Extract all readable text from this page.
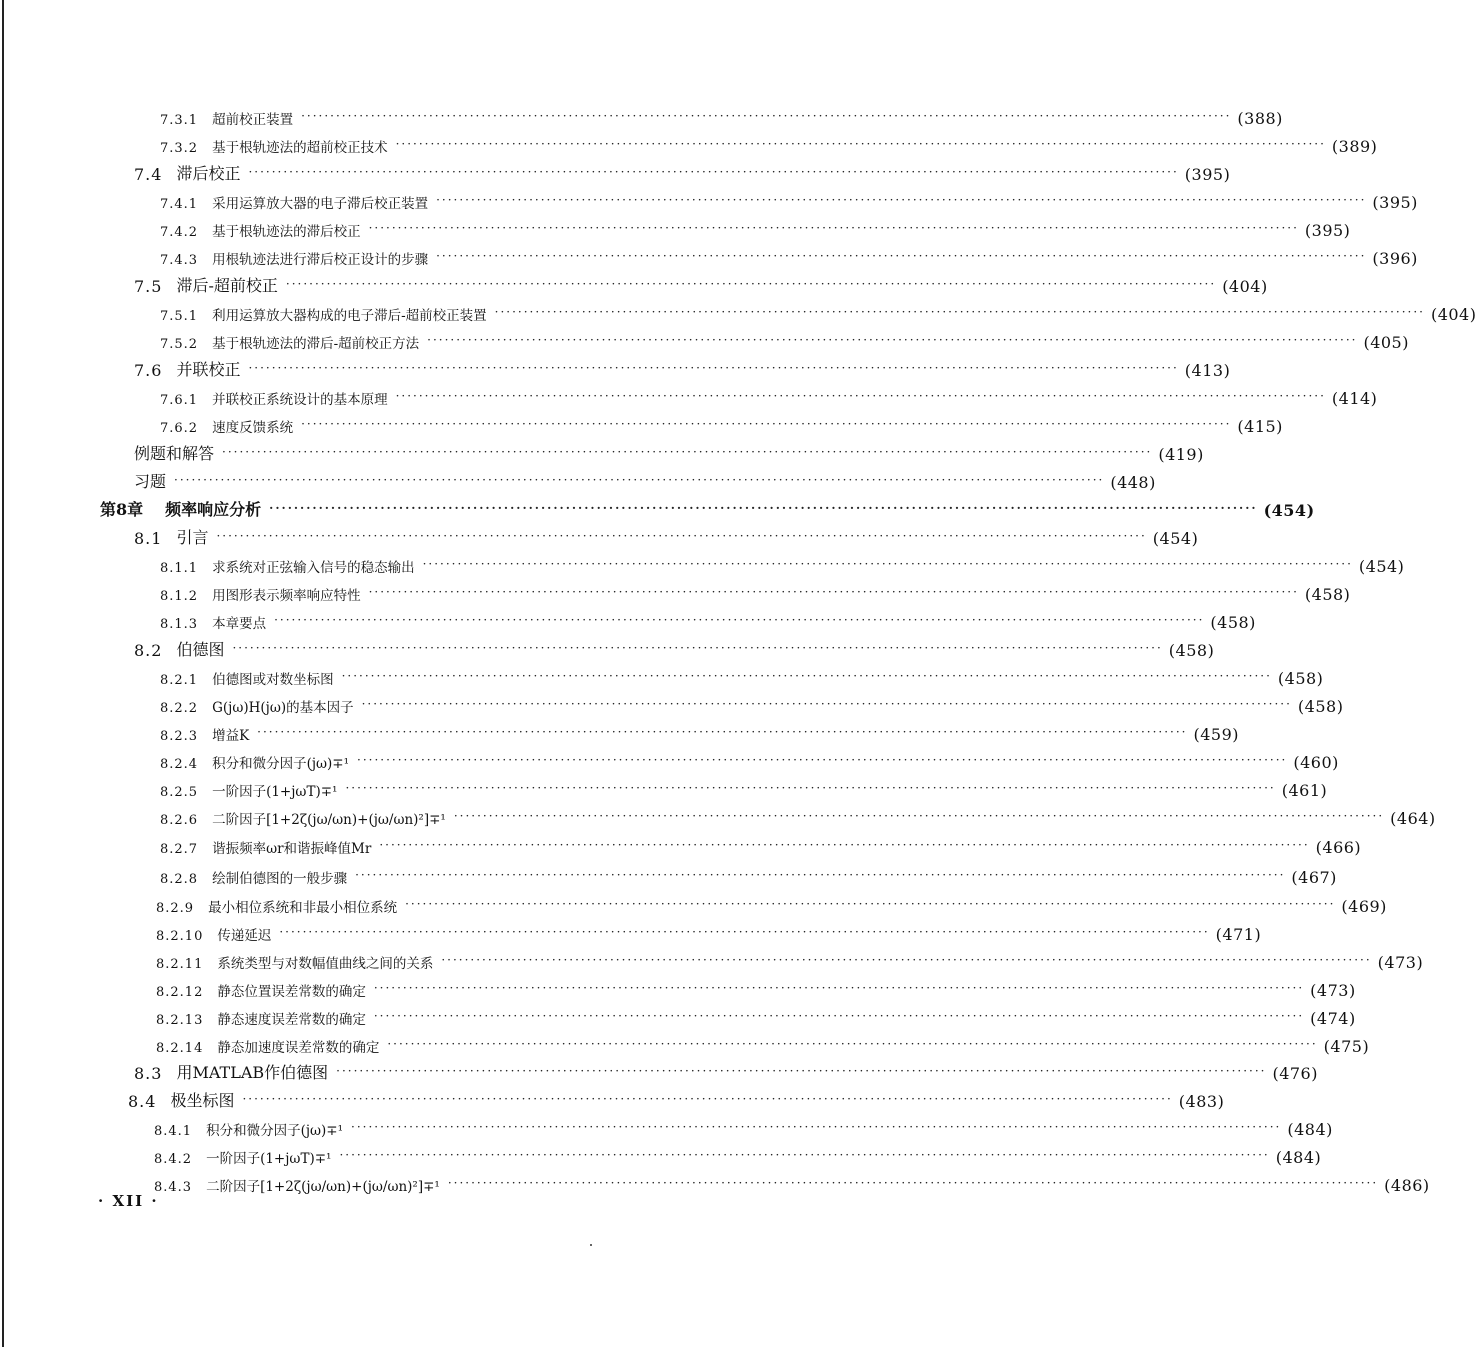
7.3.1	超前校正装置 ································································································································································ (388)
7.3.2	基于根轨迹法的超前校正技术 ································································································································································ (389)
7.4 滞后校正 ································································································································································ (395)
7.4.1	采用运算放大器的电子滞后校正装置 ································································································································································ (395)
7.4.2	基于根轨迹法的滞后校正 ································································································································································ (395)
7.4.3	用根轨迹法进行滞后校正设计的步骤 ································································································································································ (396)
7.5 滞后-超前校正 ································································································································································ (404)
7.5.1	利用运算放大器构成的电子滞后-超前校正装置 ································································································································································ (404)
7.5.2	基于根轨迹法的滞后-超前校正方法 ································································································································································ (405)
7.6 并联校正 ································································································································································ (413)
7.6.1	并联校正系统设计的基本原理 ································································································································································ (414)
7.6.2	速度反馈系统 ································································································································································ (415)
例题和解答 ································································································································································ (419)
习题 ································································································································································ (448)
第8章	频率响应分析 ································································································································································ (454)
8.1 引言 ································································································································································ (454)
8.1.1	求系统对正弦输入信号的稳态输出 ································································································································································ (454)
8.1.2	用图形表示频率响应特性 ································································································································································ (458)
8.1.3	本章要点 ································································································································································ (458)
8.2 伯德图 ································································································································································ (458)
8.2.1	伯德图或对数坐标图 ································································································································································ (458)
8.2.2	G(jω)H(jω)的基本因子 ································································································································································ (458)
8.2.3	增益K ································································································································································ (459)
8.2.4	积分和微分因子(jω)∓¹ ································································································································································ (460)
8.2.5	一阶因子(1+jωT)∓¹ ································································································································································ (461)
8.2.6	二阶因子[1+2ζ(jω/ωn)+(jω/ωn)²]∓¹ ································································································································································ (464)
8.2.7	谐振频率ωr和谐振峰值Mr ································································································································································ (466)
8.2.8	绘制伯德图的一般步骤 ································································································································································ (467)
8.2.9	最小相位系统和非最小相位系统 ································································································································································ (469)
8.2.10	传递延迟 ································································································································································ (471)
8.2.11	系统类型与对数幅值曲线之间的关系 ································································································································································ (473)
8.2.12	静态位置误差常数的确定 ································································································································································ (473)
8.2.13	静态速度误差常数的确定 ································································································································································ (474)
8.2.14	静态加速度误差常数的确定 ································································································································································ (475)
8.3 用MATLAB作伯德图 ································································································································································ (476)
8.4 极坐标图 ································································································································································ (483)
8.4.1	积分和微分因子(jω)∓¹ ································································································································································ (484)
8.4.2	一阶因子(1+jωT)∓¹ ································································································································································ (484)
8.4.3	二阶因子[1+2ζ(jω/ωn)+(jω/ωn)²]∓¹ ································································································································································ (486)
· XII ·
